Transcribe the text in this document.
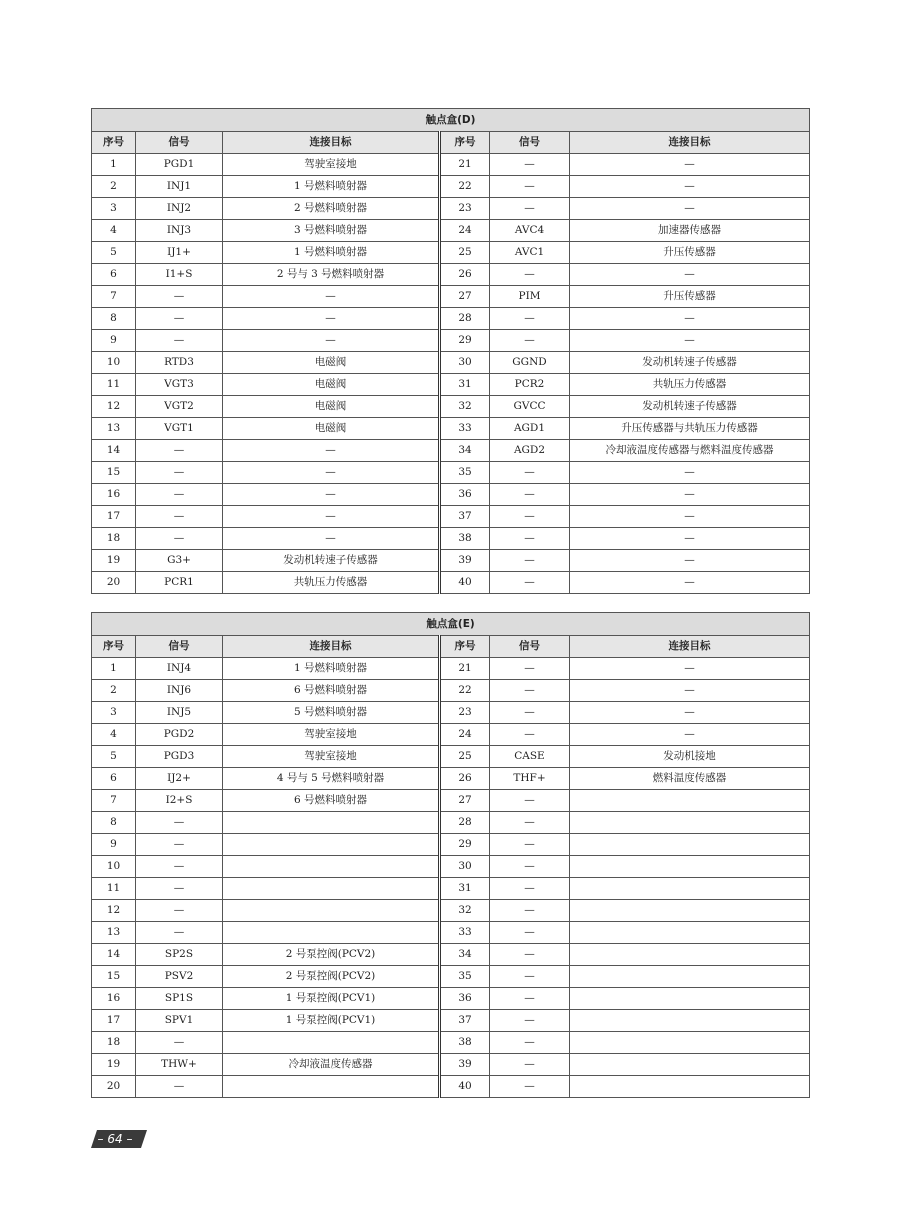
触点盒(D)					
序号	信号	连接目标	序号	信号	连接目标
1	PGD1	驾驶室接地	21	—	—
2	INJ1	1 号燃料喷射器	22	—	—
3	INJ2	2 号燃料喷射器	23	—	—
4	INJ3	3 号燃料喷射器	24	AVC4	加速器传感器
5	IJ1+	1 号燃料喷射器	25	AVC1	升压传感器
6	I1+S	2 号与 3 号燃料喷射器	26	—	—
7	—	—	27	PIM	升压传感器
8	—	—	28	—	—
9	—	—	29	—	—
10	RTD3	电磁阀	30	GGND	发动机转速子传感器
11	VGT3	电磁阀	31	PCR2	共轨压力传感器
12	VGT2	电磁阀	32	GVCC	发动机转速子传感器
13	VGT1	电磁阀	33	AGD1	升压传感器与共轨压力传感器
14	—	—	34	AGD2	冷却液温度传感器与燃料温度传感器
15	—	—	35	—	—
16	—	—	36	—	—
17	—	—	37	—	—
18	—	—	38	—	—
19	G3+	发动机转速子传感器	39	—	—
20	PCR1	共轨压力传感器	40	—	—
触点盒(E)					
序号	信号	连接目标	序号	信号	连接目标
1	INJ4	1 号燃料喷射器	21	—	—
2	INJ6	6 号燃料喷射器	22	—	—
3	INJ5	5 号燃料喷射器	23	—	—
4	PGD2	驾驶室接地	24	—	—
5	PGD3	驾驶室接地	25	CASE	发动机接地
6	IJ2+	4 号与 5 号燃料喷射器	26	THF+	燃料温度传感器
7	I2+S	6 号燃料喷射器	27	—	
8	—		28	—	
9	—		29	—	
10	—		30	—	
11	—		31	—	
12	—		32	—	
13	—		33	—	
14	SP2S	2 号泵控阀(PCV2)	34	—	
15	PSV2	2 号泵控阀(PCV2)	35	—	
16	SP1S	1 号泵控阀(PCV1)	36	—	
17	SPV1	1 号泵控阀(PCV1)	37	—	
18	—		38	—	
19	THW+	冷却液温度传感器	39	—	
20	—		40	—	
– 64 –
